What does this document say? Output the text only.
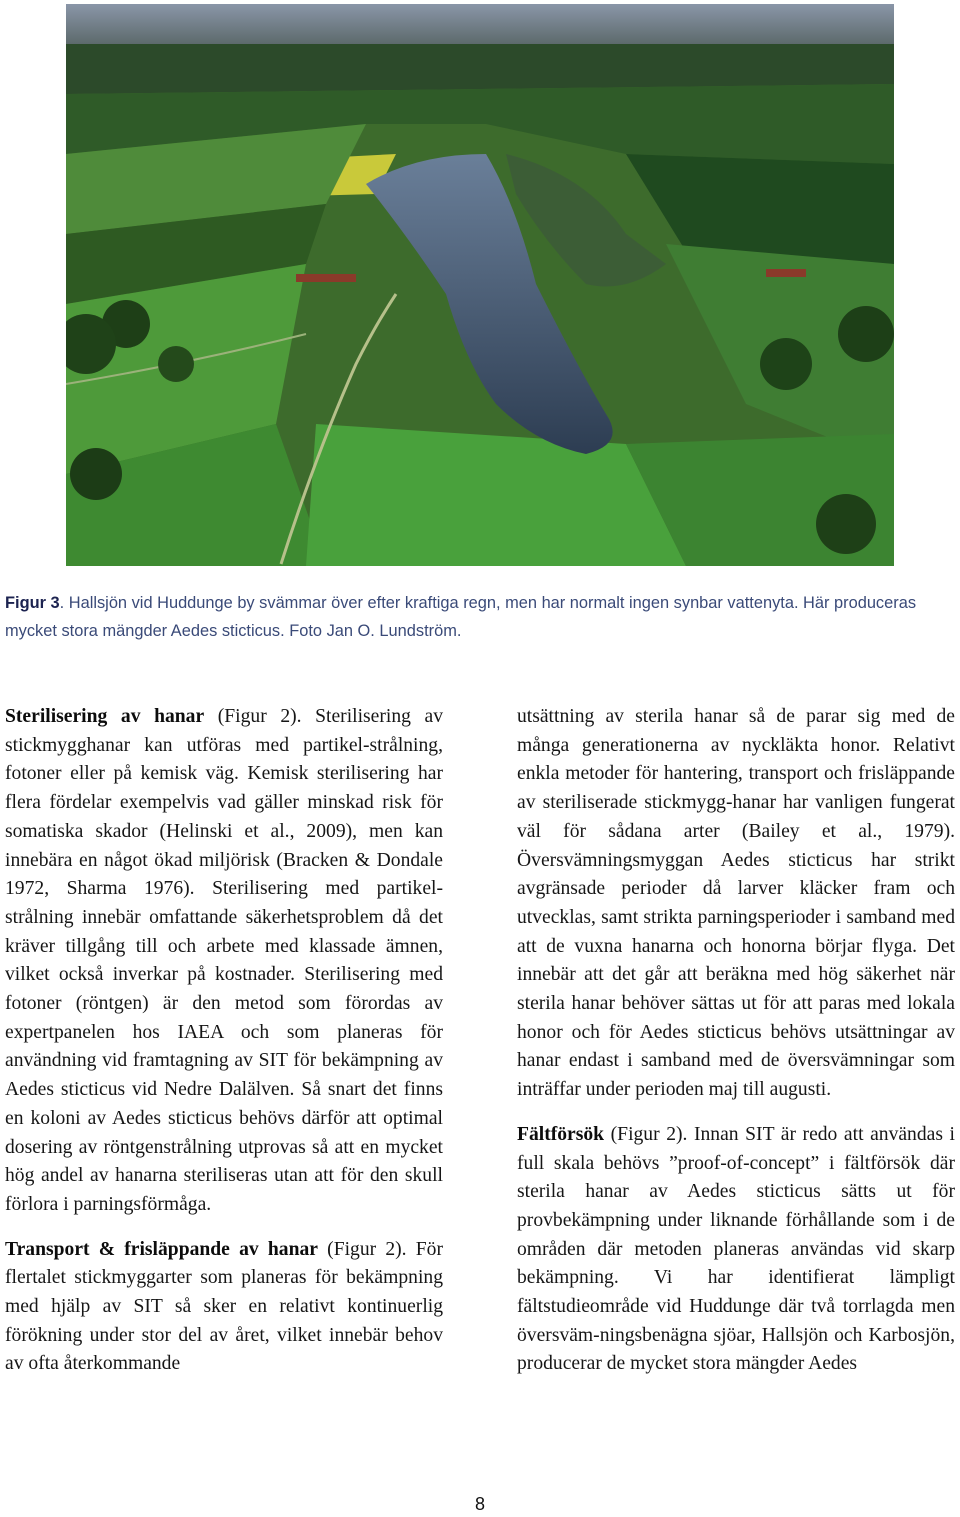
Figur 3. Hallsjön vid Huddunge by svämmar över efter kraftiga regn, men har normalt ingen synbar vattenyta. Här produceras mycket stora mängder Aedes sticticus. Foto Jan O. Lundström.

Sterilisering av hanar (Figur 2). Sterilisering av stickmygghanar kan utföras med partikel-strålning, fotoner eller på kemisk väg. Kemisk sterilisering har flera fördelar exempelvis vad gäller minskad risk för somatiska skador (Helinski et al., 2009), men kan innebära en något ökad miljörisk (Bracken & Dondale 1972, Sharma 1976). Sterilisering med partikel-strålning innebär omfattande säkerhetsproblem då det kräver tillgång till och arbete med klassade ämnen, vilket också inverkar på kostnader. Sterilisering med fotoner (röntgen) är den metod som förordas av expertpanelen hos IAEA och som planeras för användning vid framtagning av SIT för bekämpning av Aedes sticticus vid Nedre Dalälven. Så snart det finns en koloni av Aedes sticticus behövs därför att optimal dosering av röntgenstrålning utprovas så att en mycket hög andel av hanarna steriliseras utan att för den skull förlora i parningsförmåga.

Transport & frisläppande av hanar (Figur 2). För flertalet stickmyggarter som planeras för bekämpning med hjälp av SIT så sker en relativt kontinuerlig förökning under stor del av året, vilket innebär behov av ofta återkommande

utsättning av sterila hanar så de parar sig med de många generationerna av nyckläkta honor. Relativt enkla metoder för hantering, transport och frisläppande av steriliserade stickmygg-hanar har vanligen fungerat väl för sådana arter (Bailey et al., 1979). Översvämningsmyggan Aedes sticticus har strikt avgränsade perioder då larver kläcker fram och utvecklas, samt strikta parningsperioder i samband med att de vuxna hanarna och honorna börjar flyga. Det innebär att det går att beräkna med hög säkerhet när sterila hanar behöver sättas ut för att paras med lokala honor och för Aedes sticticus behövs utsättningar av hanar endast i samband med de översvämningar som inträffar under perioden maj till augusti.

Fältförsök (Figur 2). Innan SIT är redo att användas i full skala behövs ”proof-of-concept” i fältförsök där sterila hanar av Aedes sticticus sätts ut för provbekämpning under liknande förhållande som i de områden där metoden planeras användas vid skarp bekämpning. Vi har identifierat lämpligt fältstudieområde vid Huddunge där två torrlagda men översväm-ningsbenägna sjöar, Hallsjön och Karbosjön, producerar de mycket stora mängder Aedes

8
